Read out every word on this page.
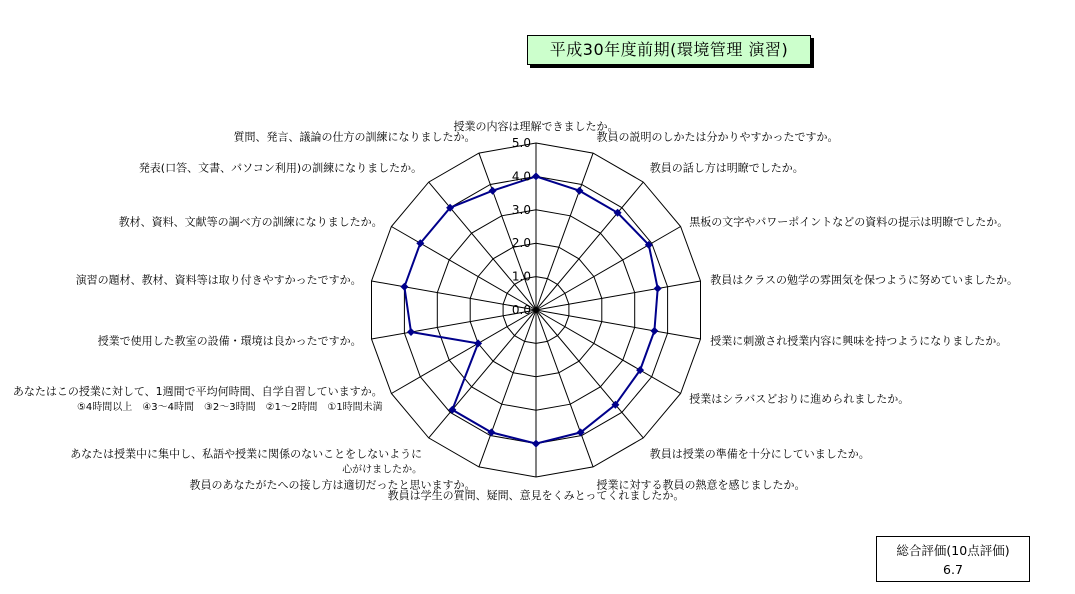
平成30年度前期(環境管理 演習)
0.0
1.0
2.0
3.0
4.0
5.0
授業の内容は理解できましたか。
教員の説明のしかたは分かりやすかったですか。
教員の話し方は明瞭でしたか。
黒板の文字やパワーポイントなどの資料の提示は明瞭でしたか。
教員はクラスの勉学の雰囲気を保つように努めていましたか。
授業に刺激され授業内容に興味を持つようになりましたか。
授業はシラバスどおりに進められましたか。
教員は授業の準備を十分にしていましたか。
授業に対する教員の熱意を感じましたか。
教員は学生の質問、疑問、意見をくみとってくれましたか。
教員のあなたがたへの接し方は適切だったと思いますか。
あなたは授業中に集中し、私語や授業に関係のないことをしないように心がけましたか。
あなたはこの授業に対して、1週間で平均何時間、自学自習していますか。 ⑤4時間以上　④3～4時間　③2～3時間　②1～2時間　①1時間未満
授業で使用した教室の設備・環境は良かったですか。
演習の題材、教材、資料等は取り付きやすかったですか。
教材、資料、文献等の調べ方の訓練になりましたか。
発表(口答、文書、パソコン利用)の訓練になりましたか。
質問、発言、議論の仕方の訓練になりましたか。
総合評価(10点評価)
6.7
